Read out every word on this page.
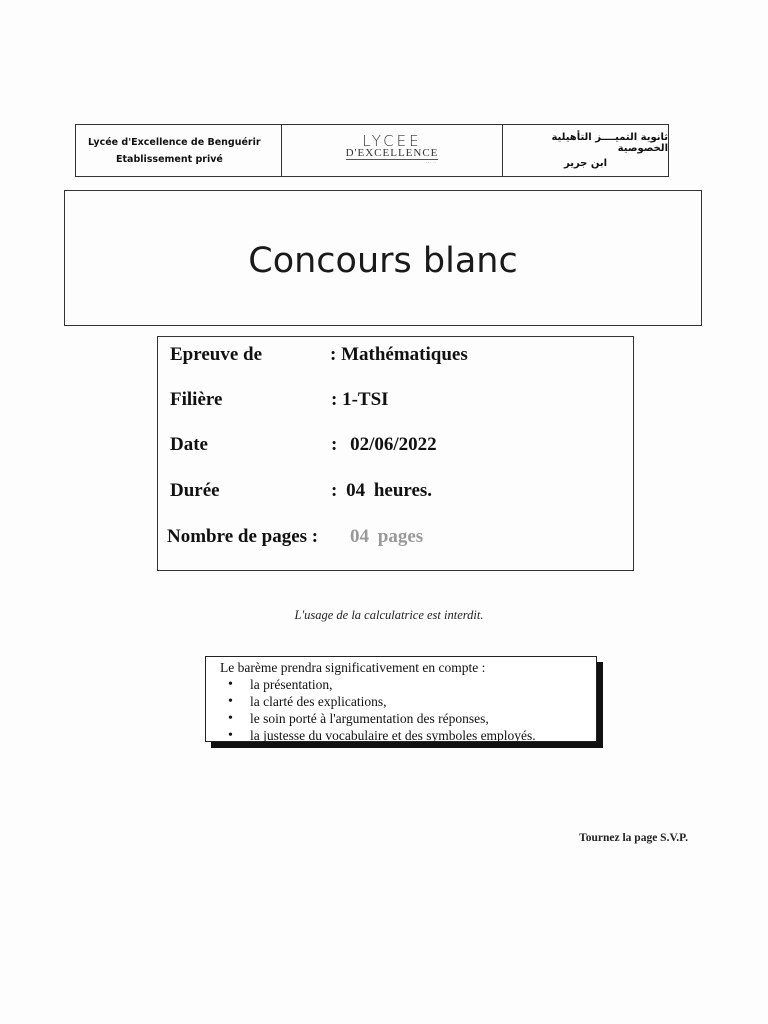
Lycée d'Excellence de Benguérir
Etablissement privé
LYCEE
D'EXCELLENCE
·····
ثانوية التميــــز التأهيلية الخصوصية
ابن جرير
Concours blanc
Epreuve de	: Mathématiques
Filière	: 1-TSI
Date	: 02/06/2022
Durée	: 04 heures.
Nombre de pages : 04 pages
L'usage de la calculatrice est interdit.
Le barème prendra significativement en compte :
• la présentation,
• la clarté des explications,
• le soin porté à l'argumentation des réponses,
• la justesse du vocabulaire et des symboles employés.
Tournez la page S.V.P.
